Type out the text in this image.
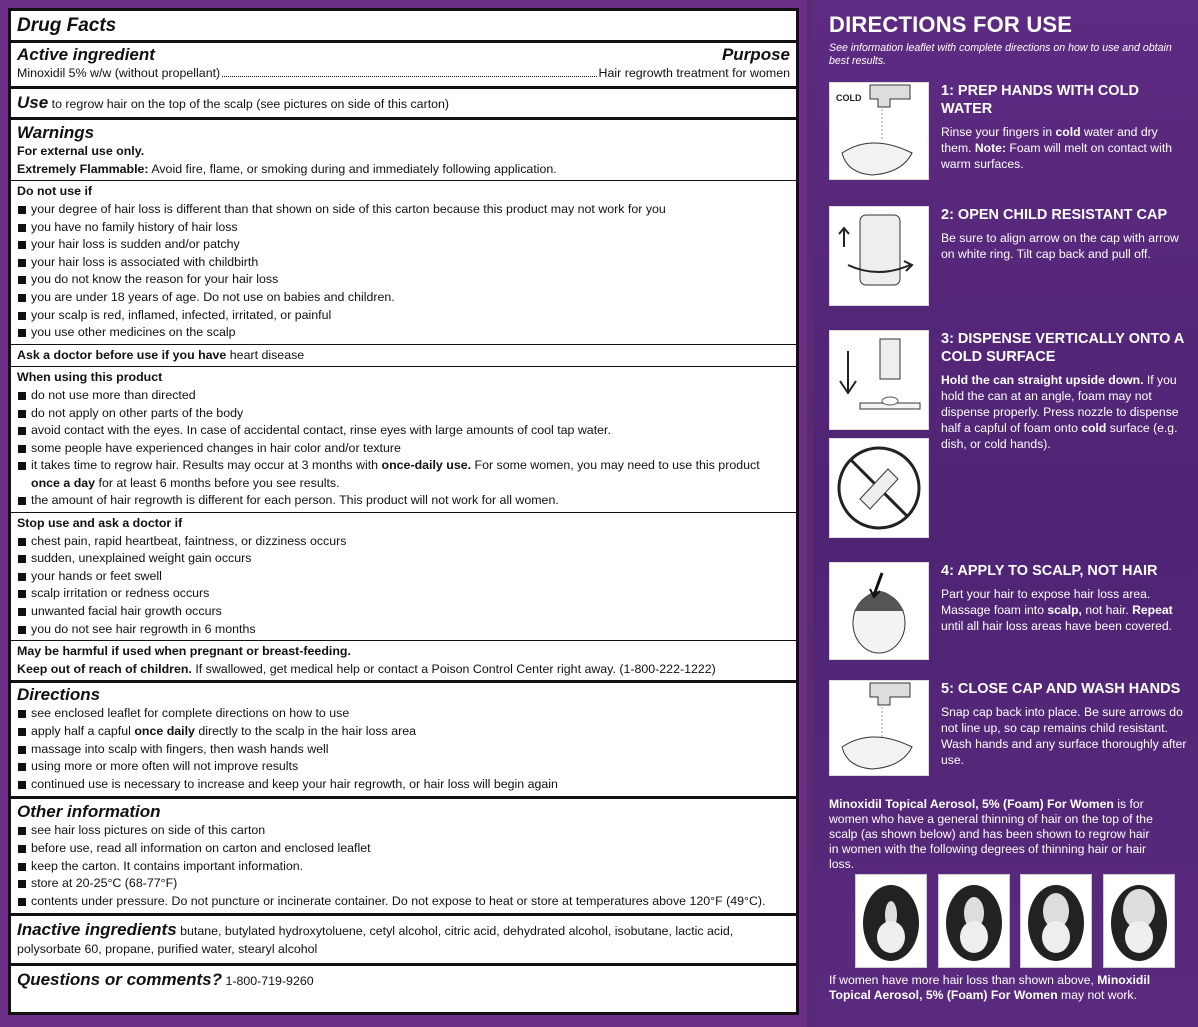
Drug Facts
Active ingredient	Purpose
Minoxidil 5% w/w (without propellant)	Hair regrowth treatment for women
Use to regrow hair on the top of the scalp (see pictures on side of this carton)
Warnings
For external use only.
Extremely Flammable: Avoid fire, flame, or smoking during and immediately following application.
Do not use if
your degree of hair loss is different than that shown on side of this carton because this product may not work for you
you have no family history of hair loss
your hair loss is sudden and/or patchy
your hair loss is associated with childbirth
you do not know the reason for your hair loss
you are under 18 years of age. Do not use on babies and children.
your scalp is red, inflamed, infected, irritated, or painful
you use other medicines on the scalp
Ask a doctor before use if you have heart disease
When using this product
do not use more than directed
do not apply on other parts of the body
avoid contact with the eyes. In case of accidental contact, rinse eyes with large amounts of cool tap water.
some people have experienced changes in hair color and/or texture
it takes time to regrow hair. Results may occur at 3 months with once-daily use. For some women, you may need to use this product once a day for at least 6 months before you see results.
the amount of hair regrowth is different for each person. This product will not work for all women.
Stop use and ask a doctor if
chest pain, rapid heartbeat, faintness, or dizziness occurs
sudden, unexplained weight gain occurs
your hands or feet swell
scalp irritation or redness occurs
unwanted facial hair growth occurs
you do not see hair regrowth in 6 months
May be harmful if used when pregnant or breast-feeding.
Keep out of reach of children. If swallowed, get medical help or contact a Poison Control Center right away. (1-800-222-1222)
Directions
see enclosed leaflet for complete directions on how to use
apply half a capful once daily directly to the scalp in the hair loss area
massage into scalp with fingers, then wash hands well
using more or more often will not improve results
continued use is necessary to increase and keep your hair regrowth, or hair loss will begin again
Other information
see hair loss pictures on side of this carton
before use, read all information on carton and enclosed leaflet
keep the carton. It contains important information.
store at 20-25°C (68-77°F)
contents under pressure. Do not puncture or incinerate container. Do not expose to heat or store at temperatures above 120°F (49°C).
Inactive ingredients butane, butylated hydroxytoluene, cetyl alcohol, citric acid, dehydrated alcohol, isobutane, lactic acid, polysorbate 60, propane, purified water, stearyl alcohol
Questions or comments? 1-800-719-9260
DIRECTIONS FOR USE
See information leaflet with complete directions on how to use and obtain best results.
COLD	1: PREP HANDS WITH COLD WATER
Rinse your fingers in cold water and dry them. Note: Foam will melt on contact with warm surfaces.
2: OPEN CHILD RESISTANT CAP
Be sure to align arrow on the cap with arrow on white ring. Tilt cap back and pull off.
3: DISPENSE VERTICALLY ONTO A COLD SURFACE
Hold the can straight upside down. If you hold the can at an angle, foam may not dispense properly. Press nozzle to dispense half a capful of foam onto cold surface (e.g. dish, or cold hands).
4: APPLY TO SCALP, NOT HAIR
Part your hair to expose hair loss area. Massage foam into scalp, not hair. Repeat until all hair loss areas have been covered.
5: CLOSE CAP AND WASH HANDS
Snap cap back into place. Be sure arrows do not line up, so cap remains child resistant. Wash hands and any surface thoroughly after use.
Minoxidil Topical Aerosol, 5% (Foam) For Women is for women who have a general thinning of hair on the top of the scalp (as shown below) and has been shown to regrow hair in women with the following degrees of thinning hair or hair loss.
If women have more hair loss than shown above, Minoxidil Topical Aerosol, 5% (Foam) For Women may not work.
